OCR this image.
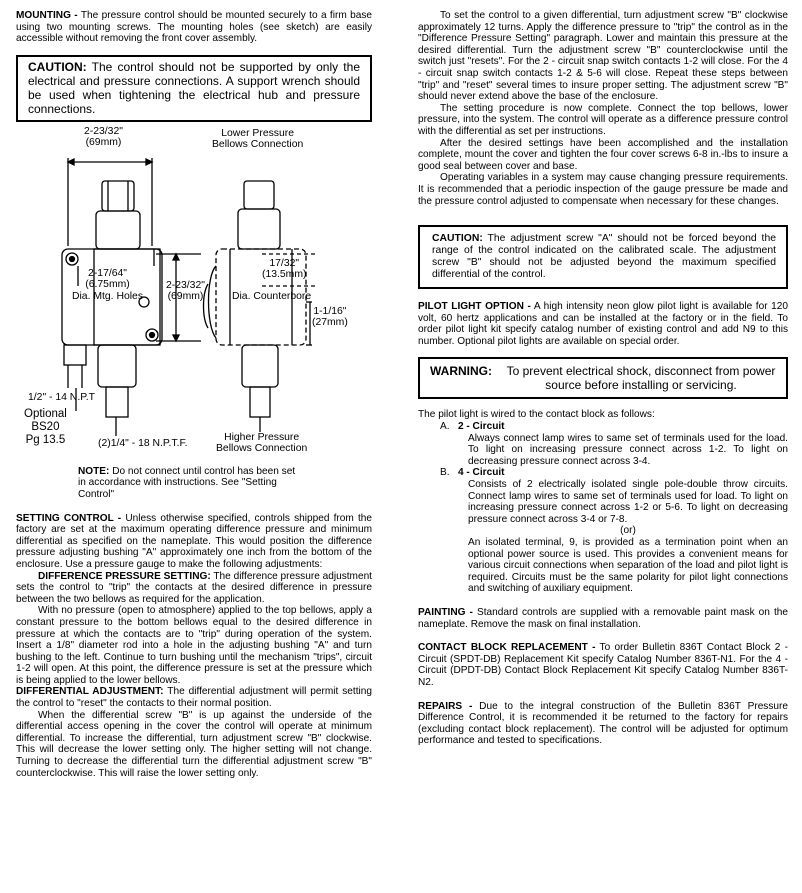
MOUNTING - The pressure control should be mounted securely to a firm base using two mounting screws. The mounting holes (see sketch) are easily accessible without removing the front cover assembly.

CAUTION: The control should not be supported by only the electrical and pressure connections. A support wrench should be used when tightening the electrical hub and pressure connections.

2-23/32"
(69mm)
Lower Pressure
Bellows Connection
2-17/64"
(6.75mm)
Dia. Mtg. Holes
2-23/32"
(69mm)
17/32"
(13.5mm)
Dia. Counterbore
1-1/16"
(27mm)
1/2" - 14 N.P.T
Optional
BS20
Pg 13.5	(2)1/4" - 18 N.P.T.F.
Higher Pressure
Bellows Connection

NOTE: Do not connect until control has been set in accordance with instructions. See "Setting Control"

SETTING CONTROL - Unless otherwise specified, controls shipped from the factory are set at the maximum operating difference pressure and minimum differential as specified on the nameplate. This would position the difference pressure adjusting bushing "A" approximately one inch from the bottom of the enclosure. Use a pressure gauge to make the following adjustments:

DIFFERENCE PRESSURE SETTING: The difference pressure adjustment sets the control to "trip" the contacts at the desired difference in pressure between the two bellows as required for the application.

With no pressure (open to atmosphere) applied to the top bellows, apply a constant pressure to the bottom bellows equal to the desired difference in pressure at which the contacts are to "trip" during operation of the system. Insert a 1/8" diameter rod into a hole in the adjusting bushing "A" and turn bushing to the left. Continue to turn bushing until the mechanism "trips", circuit 1-2 will open. At this point, the difference pressure is set at the pressure which is being applied to the lower bellows.

DIFFERENTIAL ADJUSTMENT: The differential adjustment will permit setting the control to "reset" the contacts to their normal position.

When the differential screw "B" is up against the underside of the differential access opening in the cover the control will operate at minimum differential. To increase the differential, turn adjustment screw "B" clockwise. This will decrease the lower setting only. The higher setting will not change. Turning to decrease the differential turn the differential adjustment screw "B" counterclockwise. This will raise the lower setting only.

To set the control to a given differential, turn adjustment screw "B" clockwise approximately 12 turns. Apply the difference pressure to "trip" the control as in the "Difference Pressure Setting" paragraph. Lower and maintain this pressure at the desired differential. Turn the adjustment screw "B" counterclockwise until the switch just "resets". For the 2 - circuit snap switch contacts 1-2 will close. For the 4 - circuit snap switch contacts 1-2 & 5-6 will close. Repeat these steps between "trip" and "reset" several times to insure proper setting. The adjustment screw "B" should never extend above the base of the enclosure.

The setting procedure is now complete. Connect the top bellows, lower pressure, into the system. The control will operate as a difference pressure control with the differential as set per instructions.

After the desired settings have been accomplished and the installation complete, mount the cover and tighten the four cover screws 6-8 in.-lbs to insure a good seal between cover and base.

Operating variables in a system may cause changing pressure requirements. It is recommended that a periodic inspection of the gauge pressure be made and the pressure control adjusted to compensate when necessary for these changes.

CAUTION: The adjustment screw "A" should not be forced beyond the range of the control indicated on the calibrated scale. The adjustment screw "B" should not be adjusted beyond the maximum specified differential of the control.

PILOT LIGHT OPTION - A high intensity neon glow pilot light is available for 120 volt, 60 hertz applications and can be installed at the factory or in the field. To order pilot light kit specify catalog number of existing control and add N9 to this number. Optional pilot lights are available on special order.

WARNING:	To prevent electrical shock, disconnect from power source before installing or servicing.

The pilot light is wired to the contact block as follows:

A. 2 - Circuit

Always connect lamp wires to same set of terminals used for the load. To light on increasing pressure connect across 1-2. To light on decreasing pressure connect across 3-4.

B. 4 - Circuit

Consists of 2 electrically isolated single pole-double throw circuits. Connect lamp wires to same set of terminals used for load. To light on increasing pressure connect across 1-2 or 5-6. To light on decreasing pressure connect across 3-4 or 7-8.

(or)

An isolated terminal, 9, is provided as a termination point when an optional power source is used. This provides a convenient means for various circuit connections when separation of the load and pilot light is required. Circuits must be the same polarity for pilot light connections and switching of auxiliary equipment.

PAINTING - Standard controls are supplied with a removable paint mask on the nameplate. Remove the mask on final installation.

CONTACT BLOCK REPLACEMENT - To order Bulletin 836T Contact Block 2 - Circuit (SPDT-DB) Replacement Kit specify Catalog Number 836T-N1. For the 4 - Circuit (DPDT-DB) Contact Block Replacement Kit specify Catalog Number 836T-N2.

REPAIRS - Due to the integral construction of the Bulletin 836T Pressure Difference Control, it is recommended it be returned to the factory for repairs (excluding contact block replacement). The control will be adjusted for optimum performance and tested to specifications.
